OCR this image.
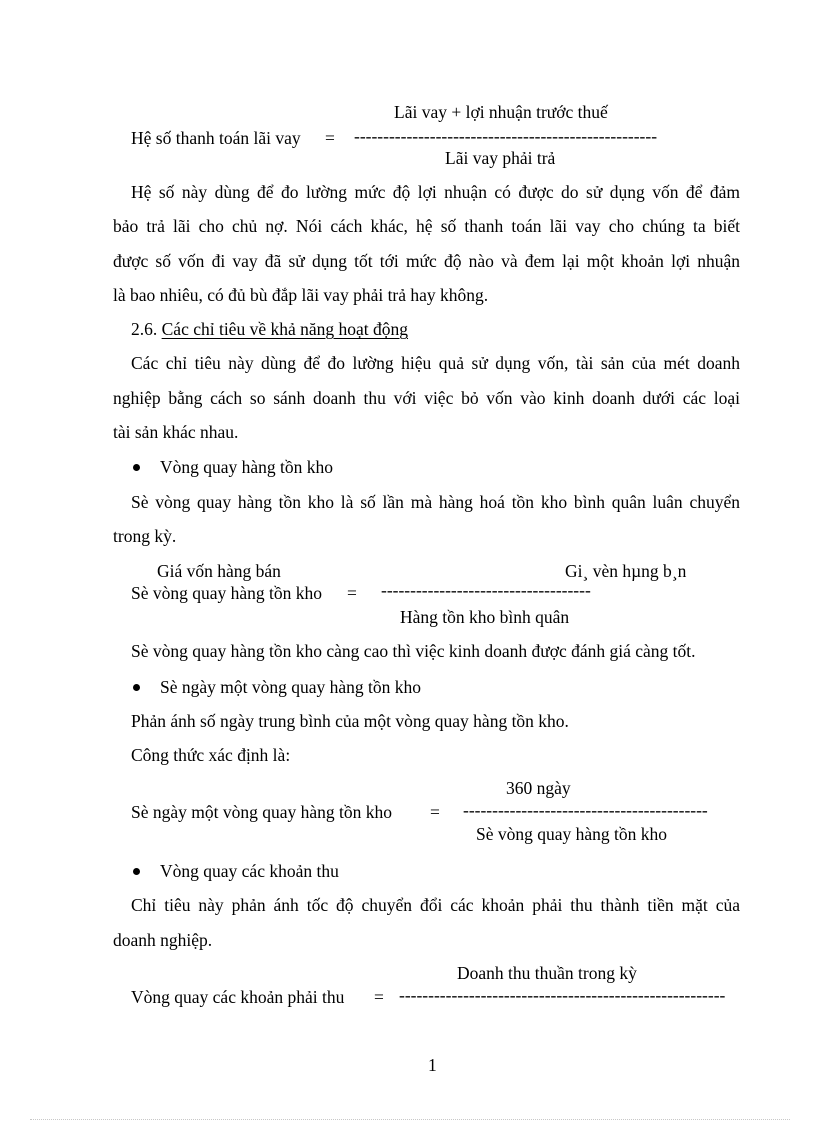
Lãi vay + lợi nhuận trước thuế
Hệ số thanh toán lãi vay = ----------------------------------------------------
Lãi vay phải trả
Hệ số này dùng để đo lường mức độ lợi nhuận có được do sử dụng vốn để đảm
bảo trả lãi cho chủ nợ. Nói cách khác, hệ số thanh toán lãi vay cho chúng ta biết
được số vốn đi vay đã sử dụng tốt tới mức độ nào và đem lại một khoản lợi nhuận
là bao nhiêu, có đủ bù đắp lãi vay phải trả hay không.
2.6. Các chỉ tiêu về khả năng hoạt động
Các chỉ tiêu này dùng để đo lường hiệu quả sử dụng vốn, tài sản của mét doanh
nghiệp bằng cách so sánh doanh thu với việc bỏ vốn vào kinh doanh dưới các loại
tài sản khác nhau.
Vòng quay hàng tồn kho
Sè vòng quay hàng tồn kho là số lần mà hàng hoá tồn kho bình quân luân chuyển
trong kỳ.
Giá vốn hàng bán	Gi¸ vèn hµng b¸n
Sè vòng quay hàng tồn kho = ------------------------------------
Hàng tồn kho bình quân
Sè vòng quay hàng tồn kho càng cao thì việc kinh doanh được đánh giá càng tốt.
Sè ngày một vòng quay hàng tồn kho
Phản ánh số ngày trung bình của một vòng quay hàng tồn kho.
Công thức xác định là:
360 ngày
Sè ngày một vòng quay hàng tồn kho = ------------------------------------------
Sè vòng quay hàng tồn kho
Vòng quay các khoản thu
Chỉ tiêu này phản ánh tốc độ chuyển đổi các khoản phải thu thành tiền mặt của
doanh nghiệp.
Doanh thu thuần trong kỳ
Vòng quay các khoản phải thu = --------------------------------------------------------
1
